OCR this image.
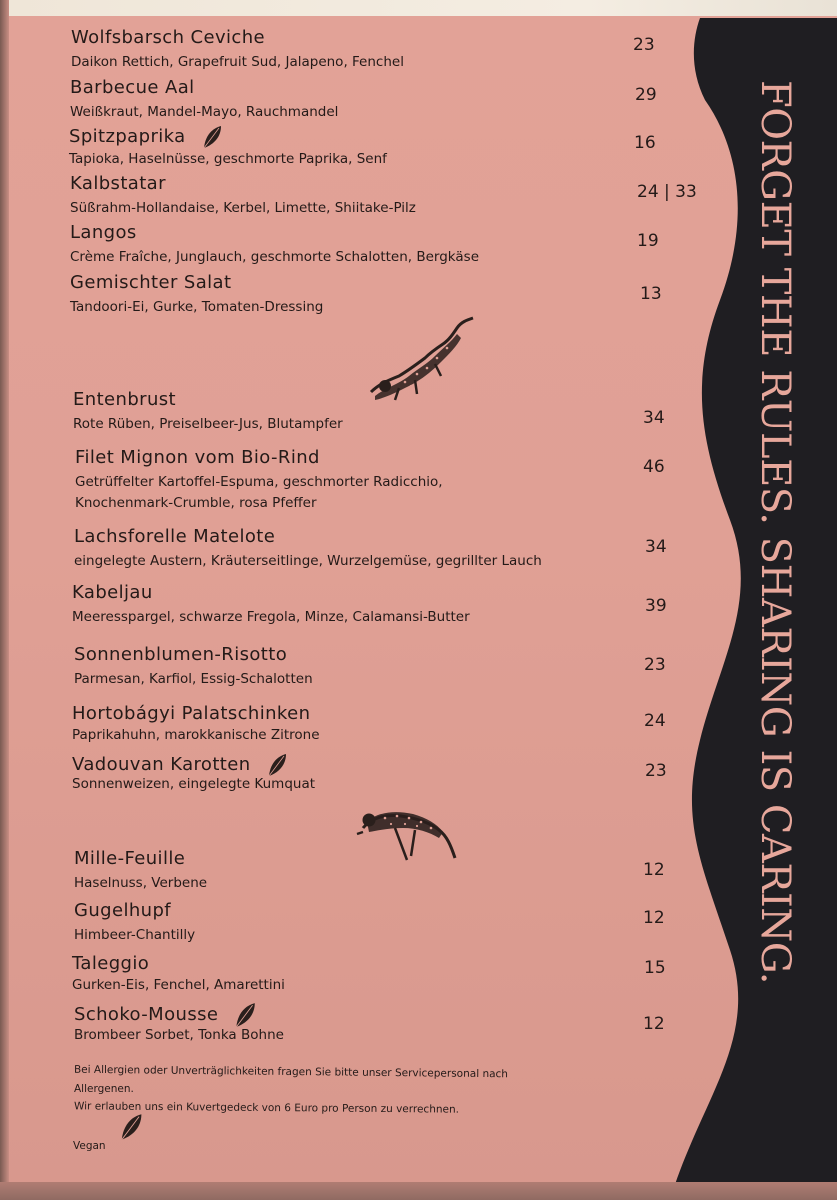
FORGET THE RULES. SHARING IS CARING.
Wolfsbarsch Ceviche
Daikon Rettich, Grapefruit Sud, Jalapeno, Fenchel
23
Barbecue Aal
Weißkraut, Mandel-Mayo, Rauchmandel
29
Spitzpaprika
Tapioka, Haselnüsse, geschmorte Paprika, Senf
16
Kalbstatar
Süßrahm-Hollandaise, Kerbel, Limette, Shiitake-Pilz
24 | 33
Langos
Crème Fraîche, Junglauch, geschmorte Schalotten, Bergkäse
19
Gemischter Salat
Tandoori-Ei, Gurke, Tomaten-Dressing
13
Entenbrust
Rote Rüben, Preiselbeer-Jus, Blutampfer	34
Filet Mignon vom Bio-Rind
Getrüffelter Kartoffel-Espuma, geschmorter Radicchio,
Knochenmark-Crumble, rosa Pfeffer
46
Lachsforelle Matelote
eingelegte Austern, Kräuterseitlinge, Wurzelgemüse, gegrillter Lauch
34
Kabeljau
Meeresspargel, schwarze Fregola, Minze, Calamansi-Butter
39
Sonnenblumen-Risotto
Parmesan, Karfiol, Essig-Schalotten
23
Hortobágyi Palatschinken
Paprikahuhn, marokkanische Zitrone
24
Vadouvan Karotten
Sonnenweizen, eingelegte Kumquat
23
Mille-Feuille
Haselnuss, Verbene
12
Gugelhupf
Himbeer-Chantilly
12
Taleggio
Gurken-Eis, Fenchel, Amarettini
15
Schoko-Mousse
Brombeer Sorbet, Tonka Bohne
12
Bei Allergien oder Unverträglichkeiten fragen Sie bitte unser Servicepersonal nach
Allergenen.
Wir erlauben uns ein Kuvertgedeck von 6 Euro pro Person zu verrechnen.
Vegan
